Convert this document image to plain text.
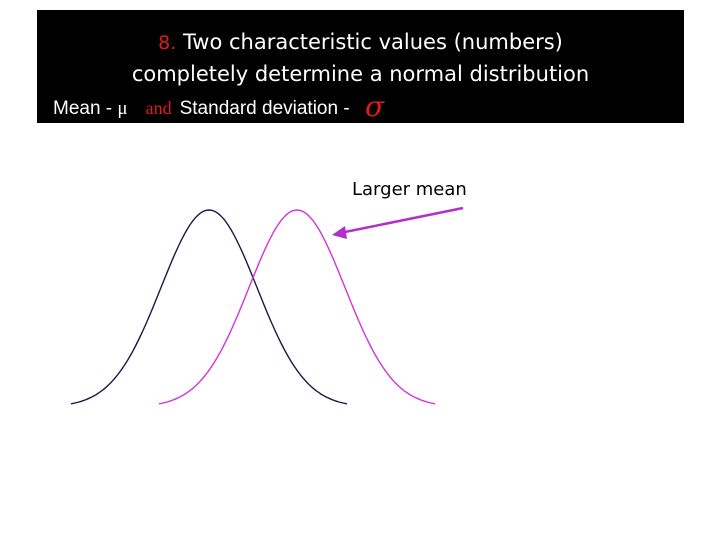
8. Two characteristic values (numbers)
completely determine a normal distribution
Mean - μ and Standard deviation - σ
Larger mean
